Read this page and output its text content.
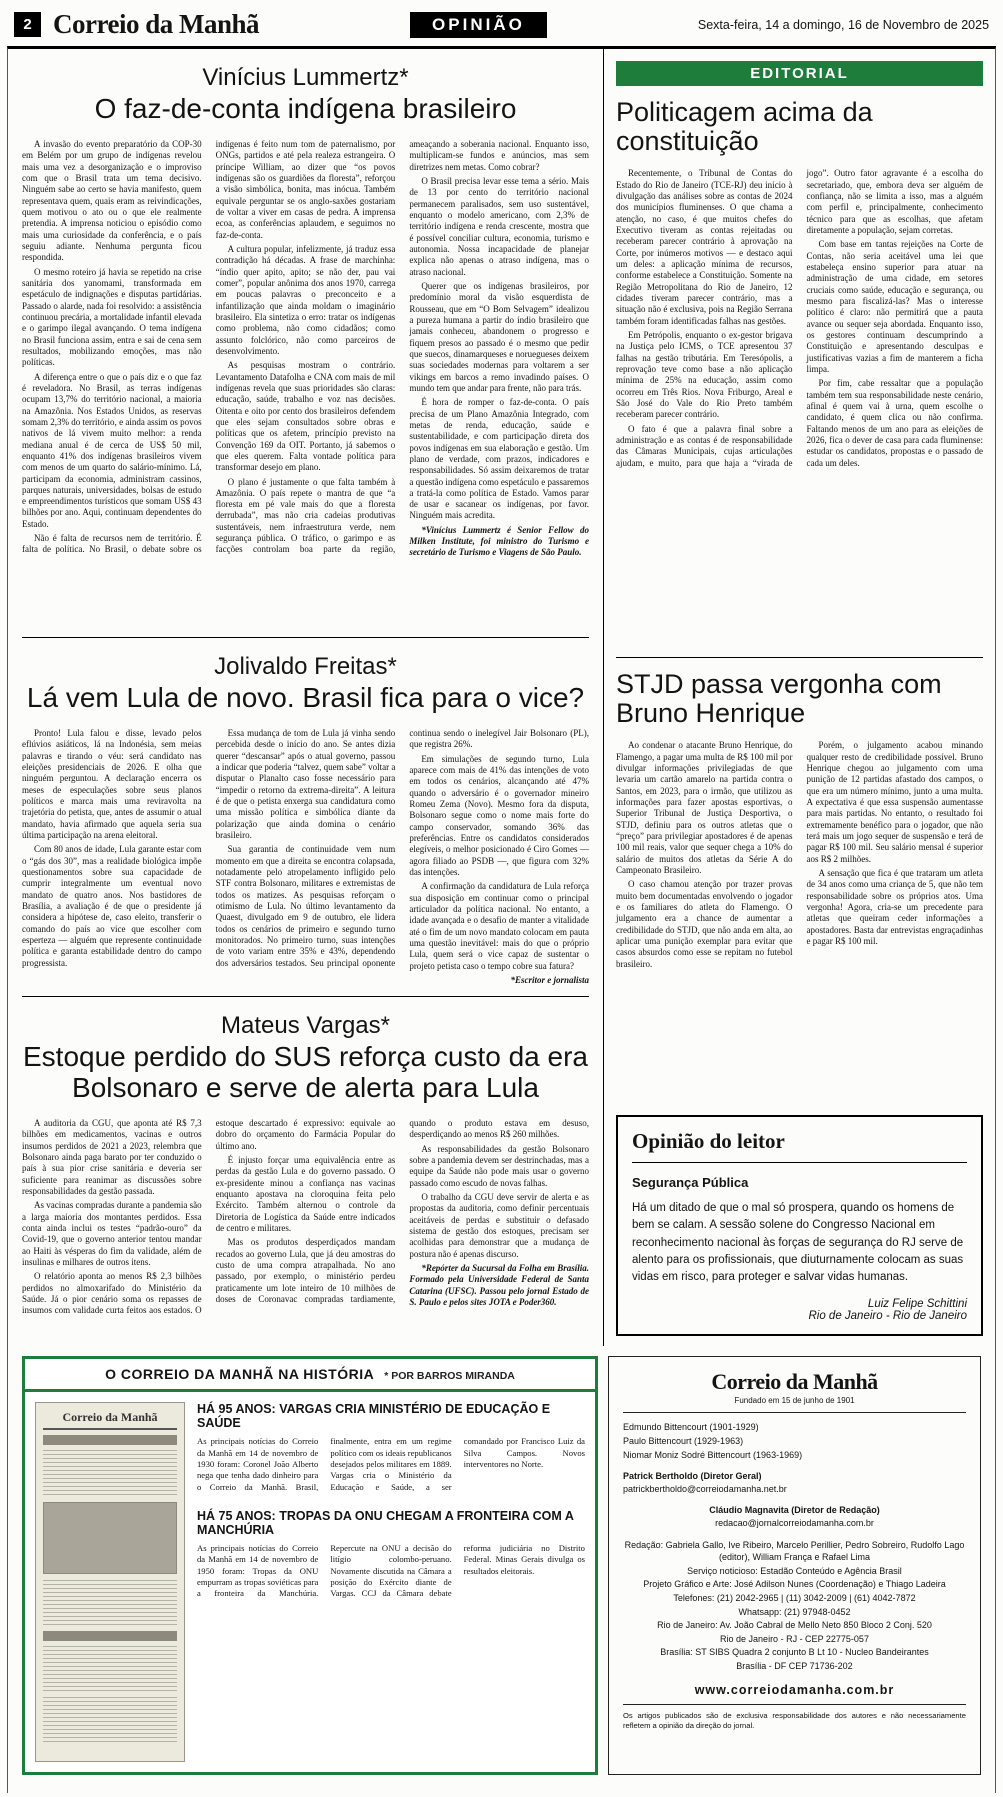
2 Correio da Manhã	OPINIÃO	Sexta-feira, 14 a domingo, 16 de Novembro de 2025
Vinícius Lummertz*
O faz-de-conta indígena brasileiro

A invasão do evento preparatório da COP-30 em Belém por um grupo de indígenas revelou mais uma vez a desorganização e o improviso com que o Brasil trata um tema decisivo. Ninguém sabe ao certo se havia manifesto, quem representava quem, quais eram as reivindicações, quem motivou o ato ou o que ele realmente pretendia. A imprensa noticiou o episódio como mais uma curiosidade da conferência, e o país seguiu adiante. Nenhuma pergunta ficou respondida.

O mesmo roteiro já havia se repetido na crise sanitária dos yanomami, transformada em espetáculo de indignações e disputas partidárias. Passado o alarde, nada foi resolvido: a assistência continuou precária, a mortalidade infantil elevada e o garimpo ilegal avançando. O tema indígena no Brasil funciona assim, entra e sai de cena sem resultados, mobilizando emoções, mas não políticas.

A diferença entre o que o país diz e o que faz é reveladora. No Brasil, as terras indígenas ocupam 13,7% do território nacional, a maioria na Amazônia. Nos Estados Unidos, as reservas somam 2,3% do território, e ainda assim os povos nativos de lá vivem muito melhor: a renda mediana anual é de cerca de US$ 50 mil, enquanto 41% dos indígenas brasileiros vivem com menos de um quarto do salário-mínimo. Lá, participam da economia, administram cassinos, parques naturais, universidades, bolsas de estudo e empreendimentos turísticos que somam US$ 43 bilhões por ano. Aqui, continuam dependentes do Estado.

Não é falta de recursos nem de território. É falta de política. No Brasil, o debate sobre os indígenas é feito num tom de paternalismo, por ONGs, partidos e até pela realeza estrangeira. O príncipe William, ao dizer que “os povos indígenas são os guardiões da floresta”, reforçou a visão simbólica, bonita, mas inócua. Também equivale perguntar se os anglo-saxões gostariam de voltar a viver em casas de pedra. A imprensa ecoa, as conferências aplaudem, e seguimos no faz-de-conta.

A cultura popular, infelizmente, já traduz essa contradição há décadas. A frase de marchinha: “índio quer apito, apito; se não der, pau vai comer”, popular anônima dos anos 1970, carrega em poucas palavras o preconceito e a infantilização que ainda moldam o imaginário brasileiro. Ela sintetiza o erro: tratar os indígenas como problema, não como cidadãos; como assunto folclórico, não como parceiros de desenvolvimento.

As pesquisas mostram o contrário. Levantamento Datafolha e CNA com mais de mil indígenas revela que suas prioridades são claras: educação, saúde, trabalho e voz nas decisões. Oitenta e oito por cento dos brasileiros defendem que eles sejam consultados sobre obras e políticas que os afetem, princípio previsto na Convenção 169 da OIT. Portanto, já sabemos o que eles querem. Falta vontade política para transformar desejo em plano.

O plano é justamente o que falta também à Amazônia. O país repete o mantra de que “a floresta em pé vale mais do que a floresta derrubada”, mas não cria cadeias produtivas sustentáveis, nem infraestrutura verde, nem segurança pública. O tráfico, o garimpo e as facções controlam boa parte da região, ameaçando a soberania nacional. Enquanto isso, multiplicam-se fundos e anúncios, mas sem diretrizes nem metas. Como cobrar?

O Brasil precisa levar esse tema a sério. Mais de 13 por cento do território nacional permanecem paralisados, sem uso sustentável, enquanto o modelo americano, com 2,3% de território indígena e renda crescente, mostra que é possível conciliar cultura, economia, turismo e autonomia. Nossa incapacidade de planejar explica não apenas o atraso indígena, mas o atraso nacional.

Querer que os indígenas brasileiros, por predomínio moral da visão esquerdista de Rousseau, que em “O Bom Selvagem” idealizou a pureza humana a partir do índio brasileiro que jamais conheceu, abandonem o progresso e fiquem presos ao passado é o mesmo que pedir que suecos, dinamarqueses e noruegueses deixem suas sociedades modernas para voltarem a ser vikings em barcos a remo invadindo países. O mundo tem que andar para frente, não para trás.

É hora de romper o faz-de-conta. O país precisa de um Plano Amazônia Integrado, com metas de renda, educação, saúde e sustentabilidade, e com participação direta dos povos indígenas em sua elaboração e gestão. Um plano de verdade, com prazos, indicadores e responsabilidades. Só assim deixaremos de tratar a questão indígena como espetáculo e passaremos a tratá-la como política de Estado. Vamos parar de usar e sacanear os indígenas, por favor. Ninguém mais acredita.

*Vinícius Lummertz é Senior Fellow do Milken Institute, foi ministro do Turismo e secretário de Turismo e Viagens de São Paulo.

Jolivaldo Freitas*
Lá vem Lula de novo. Brasil fica para o vice?

Pronto! Lula falou e disse, levado pelos eflúvios asiáticos, lá na Indonésia, sem meias palavras e tirando o véu: será candidato nas eleições presidenciais de 2026. E olha que ninguém perguntou. A declaração encerra os meses de especulações sobre seus planos políticos e marca mais uma reviravolta na trajetória do petista, que, antes de assumir o atual mandato, havia afirmado que aquela seria sua última participação na arena eleitoral.

Com 80 anos de idade, Lula garante estar com o “gás dos 30”, mas a realidade biológica impõe questionamentos sobre sua capacidade de cumprir integralmente um eventual novo mandato de quatro anos. Nos bastidores de Brasília, a avaliação é de que o presidente já considera a hipótese de, caso eleito, transferir o comando do país ao vice que escolher com esperteza — alguém que represente continuidade política e garanta estabilidade dentro do campo progressista.

Essa mudança de tom de Lula já vinha sendo percebida desde o início do ano. Se antes dizia querer “descansar” após o atual governo, passou a indicar que poderia “talvez, quem sabe” voltar a disputar o Planalto caso fosse necessário para “impedir o retorno da extrema-direita”. A leitura é de que o petista enxerga sua candidatura como uma missão política e simbólica diante da polarização que ainda domina o cenário brasileiro.

Sua garantia de continuidade vem num momento em que a direita se encontra colapsada, notadamente pelo atropelamento infligido pelo STF contra Bolsonaro, militares e extremistas de todos os matizes. As pesquisas reforçam o otimismo de Lula. No último levantamento da Quaest, divulgado em 9 de outubro, ele lidera todos os cenários de primeiro e segundo turno monitorados. No primeiro turno, suas intenções de voto variam entre 35% e 43%, dependendo dos adversários testados. Seu principal oponente continua sendo o inelegível Jair Bolsonaro (PL), que registra 26%.

Em simulações de segundo turno, Lula aparece com mais de 41% das intenções de voto em todos os cenários, alcançando até 47% quando o adversário é o governador mineiro Romeu Zema (Novo). Mesmo fora da disputa, Bolsonaro segue como o nome mais forte do campo conservador, somando 36% das preferências. Entre os candidatos considerados elegíveis, o melhor posicionado é Ciro Gomes — agora filiado ao PSDB —, que figura com 32% das intenções.

A confirmação da candidatura de Lula reforça sua disposição em continuar como o principal articulador da política nacional. No entanto, a idade avançada e o desafio de manter a vitalidade até o fim de um novo mandato colocam em pauta uma questão inevitável: mais do que o próprio Lula, quem será o vice capaz de sustentar o projeto petista caso o tempo cobre sua fatura?

*Escritor e jornalista

Mateus Vargas*
Estoque perdido do SUS reforça custo da era Bolsonaro e serve de alerta para Lula

A auditoria da CGU, que aponta até R$ 7,3 bilhões em medicamentos, vacinas e outros insumos perdidos de 2021 a 2023, relembra que Bolsonaro ainda paga barato por ter conduzido o país à sua pior crise sanitária e deveria ser suficiente para reanimar as discussões sobre responsabilidades da gestão passada.

As vacinas compradas durante a pandemia são a larga maioria dos montantes perdidos. Essa conta ainda inclui os testes “padrão-ouro” da Covid-19, que o governo anterior tentou mandar ao Haiti às vésperas do fim da validade, além de insulinas e milhares de outros itens.

O relatório aponta ao menos R$ 2,3 bilhões perdidos no almoxarifado do Ministério da Saúde. Já o pior cenário soma os repasses de insumos com validade curta feitos aos estados. O estoque descartado é expressivo: equivale ao dobro do orçamento do Farmácia Popular do último ano.

É injusto forçar uma equivalência entre as perdas da gestão Lula e do governo passado. O ex-presidente minou a confiança nas vacinas enquanto apostava na cloroquina feita pelo Exército. Também alternou o controle da Diretoria de Logística da Saúde entre indicados de centro e militares.

Mas os produtos desperdiçados mandam recados ao governo Lula, que já deu amostras do custo de uma compra atrapalhada. No ano passado, por exemplo, o ministério perdeu praticamente um lote inteiro de 10 milhões de doses de Coronavac compradas tardiamente, quando o produto estava em desuso, desperdiçando ao menos R$ 260 milhões.

As responsabilidades da gestão Bolsonaro sobre a pandemia devem ser destrinchadas, mas a equipe da Saúde não pode mais usar o governo passado como escudo de novas falhas.

O trabalho da CGU deve servir de alerta e as propostas da auditoria, como definir percentuais aceitáveis de perdas e substituir o defasado sistema de gestão dos estoques, precisam ser acolhidas para demonstrar que a mudança de postura não é apenas discurso.

*Repórter da Sucursal da Folha em Brasília. Formado pela Universidade Federal de Santa Catarina (UFSC). Passou pelo jornal Estado de S. Paulo e pelos sites JOTA e Poder360.

EDITORIAL
Politicagem acima da constituição

Recentemente, o Tribunal de Contas do Estado do Rio de Janeiro (TCE-RJ) deu início à divulgação das análises sobre as contas de 2024 dos municípios fluminenses. O que chama a atenção, no caso, é que muitos chefes do Executivo tiveram as contas rejeitadas ou receberam parecer contrário à aprovação na Corte, por inúmeros motivos — e destaco aqui um deles: a aplicação mínima de recursos, conforme estabelece a Constituição. Somente na Região Metropolitana do Rio de Janeiro, 12 cidades tiveram parecer contrário, mas a situação não é exclusiva, pois na Região Serrana também foram identificadas falhas nas gestões.

Em Petrópolis, enquanto o ex-gestor brigava na Justiça pelo ICMS, o TCE apresentou 37 falhas na gestão tributária. Em Teresópolis, a reprovação teve como base a não aplicação mínima de 25% na educação, assim como ocorreu em Três Rios. Nova Friburgo, Areal e São José do Vale do Rio Preto também receberam parecer contrário.

O fato é que a palavra final sobre a administração e as contas é de responsabilidade das Câmaras Municipais, cujas articulações ajudam, e muito, para que haja a “virada de jogo”. Outro fator agravante é a escolha do secretariado, que, embora deva ser alguém de confiança, não se limita a isso, mas a alguém com perfil e, principalmente, conhecimento técnico para que as escolhas, que afetam diretamente a população, sejam corretas.

Com base em tantas rejeições na Corte de Contas, não seria aceitável uma lei que estabeleça ensino superior para atuar na administração de uma cidade, em setores cruciais como saúde, educação e segurança, ou mesmo para fiscalizá-las? Mas o interesse político é claro: não permitirá que a pauta avance ou sequer seja abordada. Enquanto isso, os gestores continuam descumprindo a Constituição e apresentando desculpas e justificativas vazias a fim de manterem a ficha limpa.

Por fim, cabe ressaltar que a população também tem sua responsabilidade neste cenário, afinal é quem vai à urna, quem escolhe o candidato, é quem clica ou não confirma. Faltando menos de um ano para as eleições de 2026, fica o dever de casa para cada fluminense: estudar os candidatos, propostas e o passado de cada um deles.

STJD passa vergonha com Bruno Henrique

Ao condenar o atacante Bruno Henrique, do Flamengo, a pagar uma multa de R$ 100 mil por divulgar informações privilegiadas de que levaria um cartão amarelo na partida contra o Santos, em 2023, para o irmão, que utilizou as informações para fazer apostas esportivas, o Superior Tribunal de Justiça Desportiva, o STJD, definiu para os outros atletas que o “preço” para privilegiar apostadores é de apenas 100 mil reais, valor que sequer chega a 10% do salário de muitos dos atletas da Série A do Campeonato Brasileiro.

O caso chamou atenção por trazer provas muito bem documentadas envolvendo o jogador e os familiares do atleta do Flamengo. O julgamento era a chance de aumentar a credibilidade do STJD, que não anda em alta, ao aplicar uma punição exemplar para evitar que casos absurdos como esse se repitam no futebol brasileiro.

Porém, o julgamento acabou minando qualquer resto de credibilidade possível. Bruno Henrique chegou ao julgamento com uma punição de 12 partidas afastado dos campos, o que era um número mínimo, junto a uma multa. A expectativa é que essa suspensão aumentasse para mais partidas. No entanto, o resultado foi extremamente benéfico para o jogador, que não terá mais um jogo sequer de suspensão e terá de pagar R$ 100 mil. Seu salário mensal é superior aos R$ 2 milhões.

A sensação que fica é que trataram um atleta de 34 anos como uma criança de 5, que não tem responsabilidade sobre os próprios atos. Uma vergonha! Agora, cria-se um precedente para atletas que queiram ceder informações a apostadores. Basta dar entrevistas engraçadinhas e pagar R$ 100 mil.

Opinião do leitor
Segurança Pública

Há um ditado de que o mal só prospera, quando os homens de bem se calam. A sessão solene do Congresso Nacional em reconhecimento nacional às forças de segurança do RJ serve de alento para os profissionais, que diuturnamente colocam as suas vidas em risco, para proteger e salvar vidas humanas.

Luiz Felipe Schittini

Rio de Janeiro - Rio de Janeiro

O CORREIO DA MANHÃ NA HISTÓRIA * POR BARROS MIRANDA
Correio da Manhã
HÁ 95 ANOS: VARGAS CRIA MINISTÉRIO DE EDUCAÇÃO E SAÚDE

As principais notícias do Correio da Manhã em 14 de novembro de 1930 foram: Coronel João Alberto nega que tenha dado dinheiro para o Correio da Manhã. Brasil, finalmente, entra em um regime político com os ideais republicanos desejados pelos militares em 1889. Vargas cria o Ministério da Educação e Saúde, a ser comandado por Francisco Luiz da Silva Campos. Novos interventores no Norte.

HÁ 75 ANOS: TROPAS DA ONU CHEGAM A FRONTEIRA COM A MANCHÚRIA

As principais notícias do Correio da Manhã em 14 de novembro de 1950 foram: Tropas da ONU empurram as tropas soviéticas para a fronteira da Manchúria. Repercute na ONU a decisão do litígio colombo-peruano. Novamente discutida na Câmara a posição do Exército diante de Vargas. CCJ da Câmara debate reforma judiciária no Distrito Federal. Minas Gerais divulga os resultados eleitorais.

Correio da Manhã
Fundado em 15 de junho de 1901
Edmundo Bittencourt (1901-1929)
Paulo Bittencourt (1929-1963)
Niomar Moniz Sodré Bittencourt (1963-1969)
Patrick Bertholdo (Diretor Geral)
patrickbertholdo@correiodamanha.net.br
Cláudio Magnavita (Diretor de Redação)
redacao@jornalcorreiodamanha.com.br
Redação: Gabriela Gallo, Ive Ribeiro, Marcelo Perillier, Pedro Sobreiro, Rudolfo Lago (editor), William França e Rafael Lima
Serviço noticioso: Estadão Conteúdo e Agência Brasil
Projeto Gráfico e Arte: José Adilson Nunes (Coordenação) e Thiago Ladeira
Telefones: (21) 2042-2965 | (11) 3042-2009 | (61) 4042-7872
Whatsapp: (21) 97948-0452
Rio de Janeiro: Av. João Cabral de Mello Neto 850 Bloco 2 Conj. 520
Rio de Janeiro - RJ - CEP 22775-057
Brasília: ST SIBS Quadra 2 conjunto B Lt 10 - Nucleo Bandeirantes
Brasília - DF CEP 71736-202
www.correiodamanha.com.br
Os artigos publicados são de exclusiva responsabilidade dos autores e não necessariamente refletem a opinião da direção do jornal.
